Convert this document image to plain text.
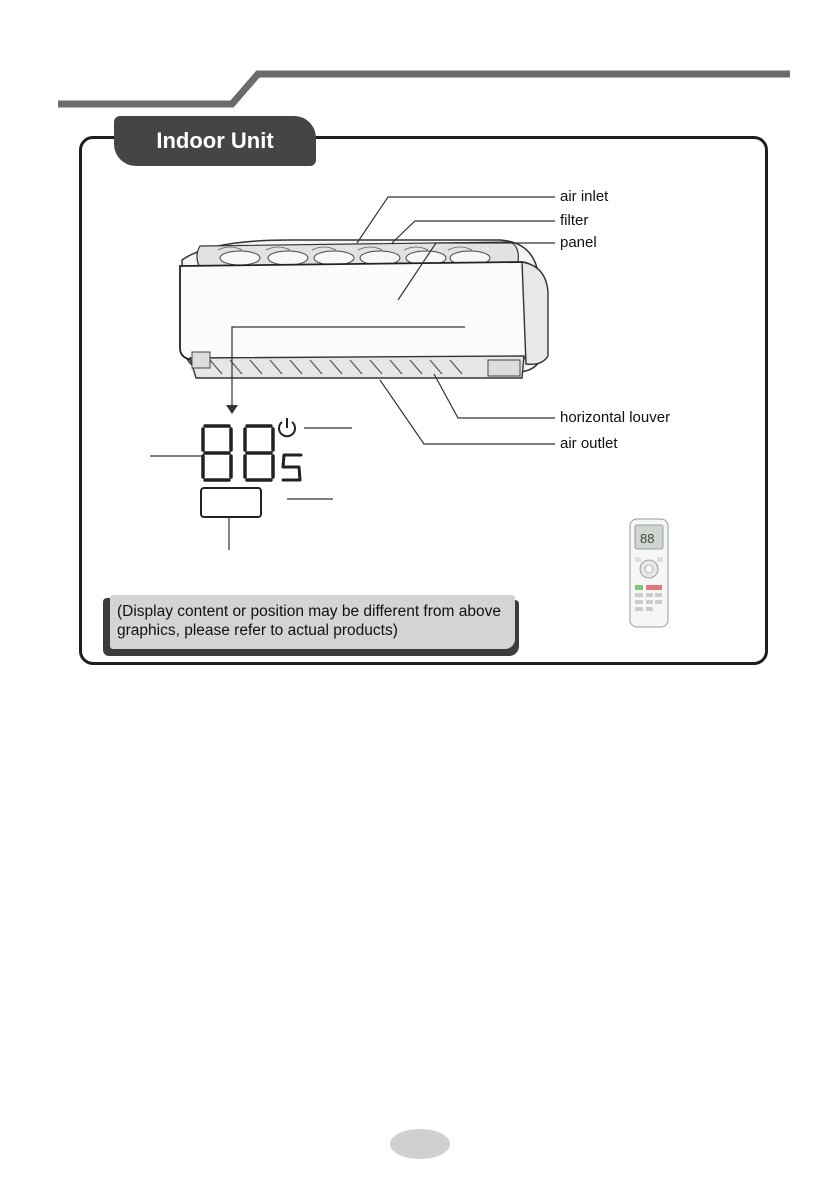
Indoor Unit
air inlet
filter
panel
horizontal louver
air outlet
88
(Display content or position may be different from above
graphics, please refer to actual products)
